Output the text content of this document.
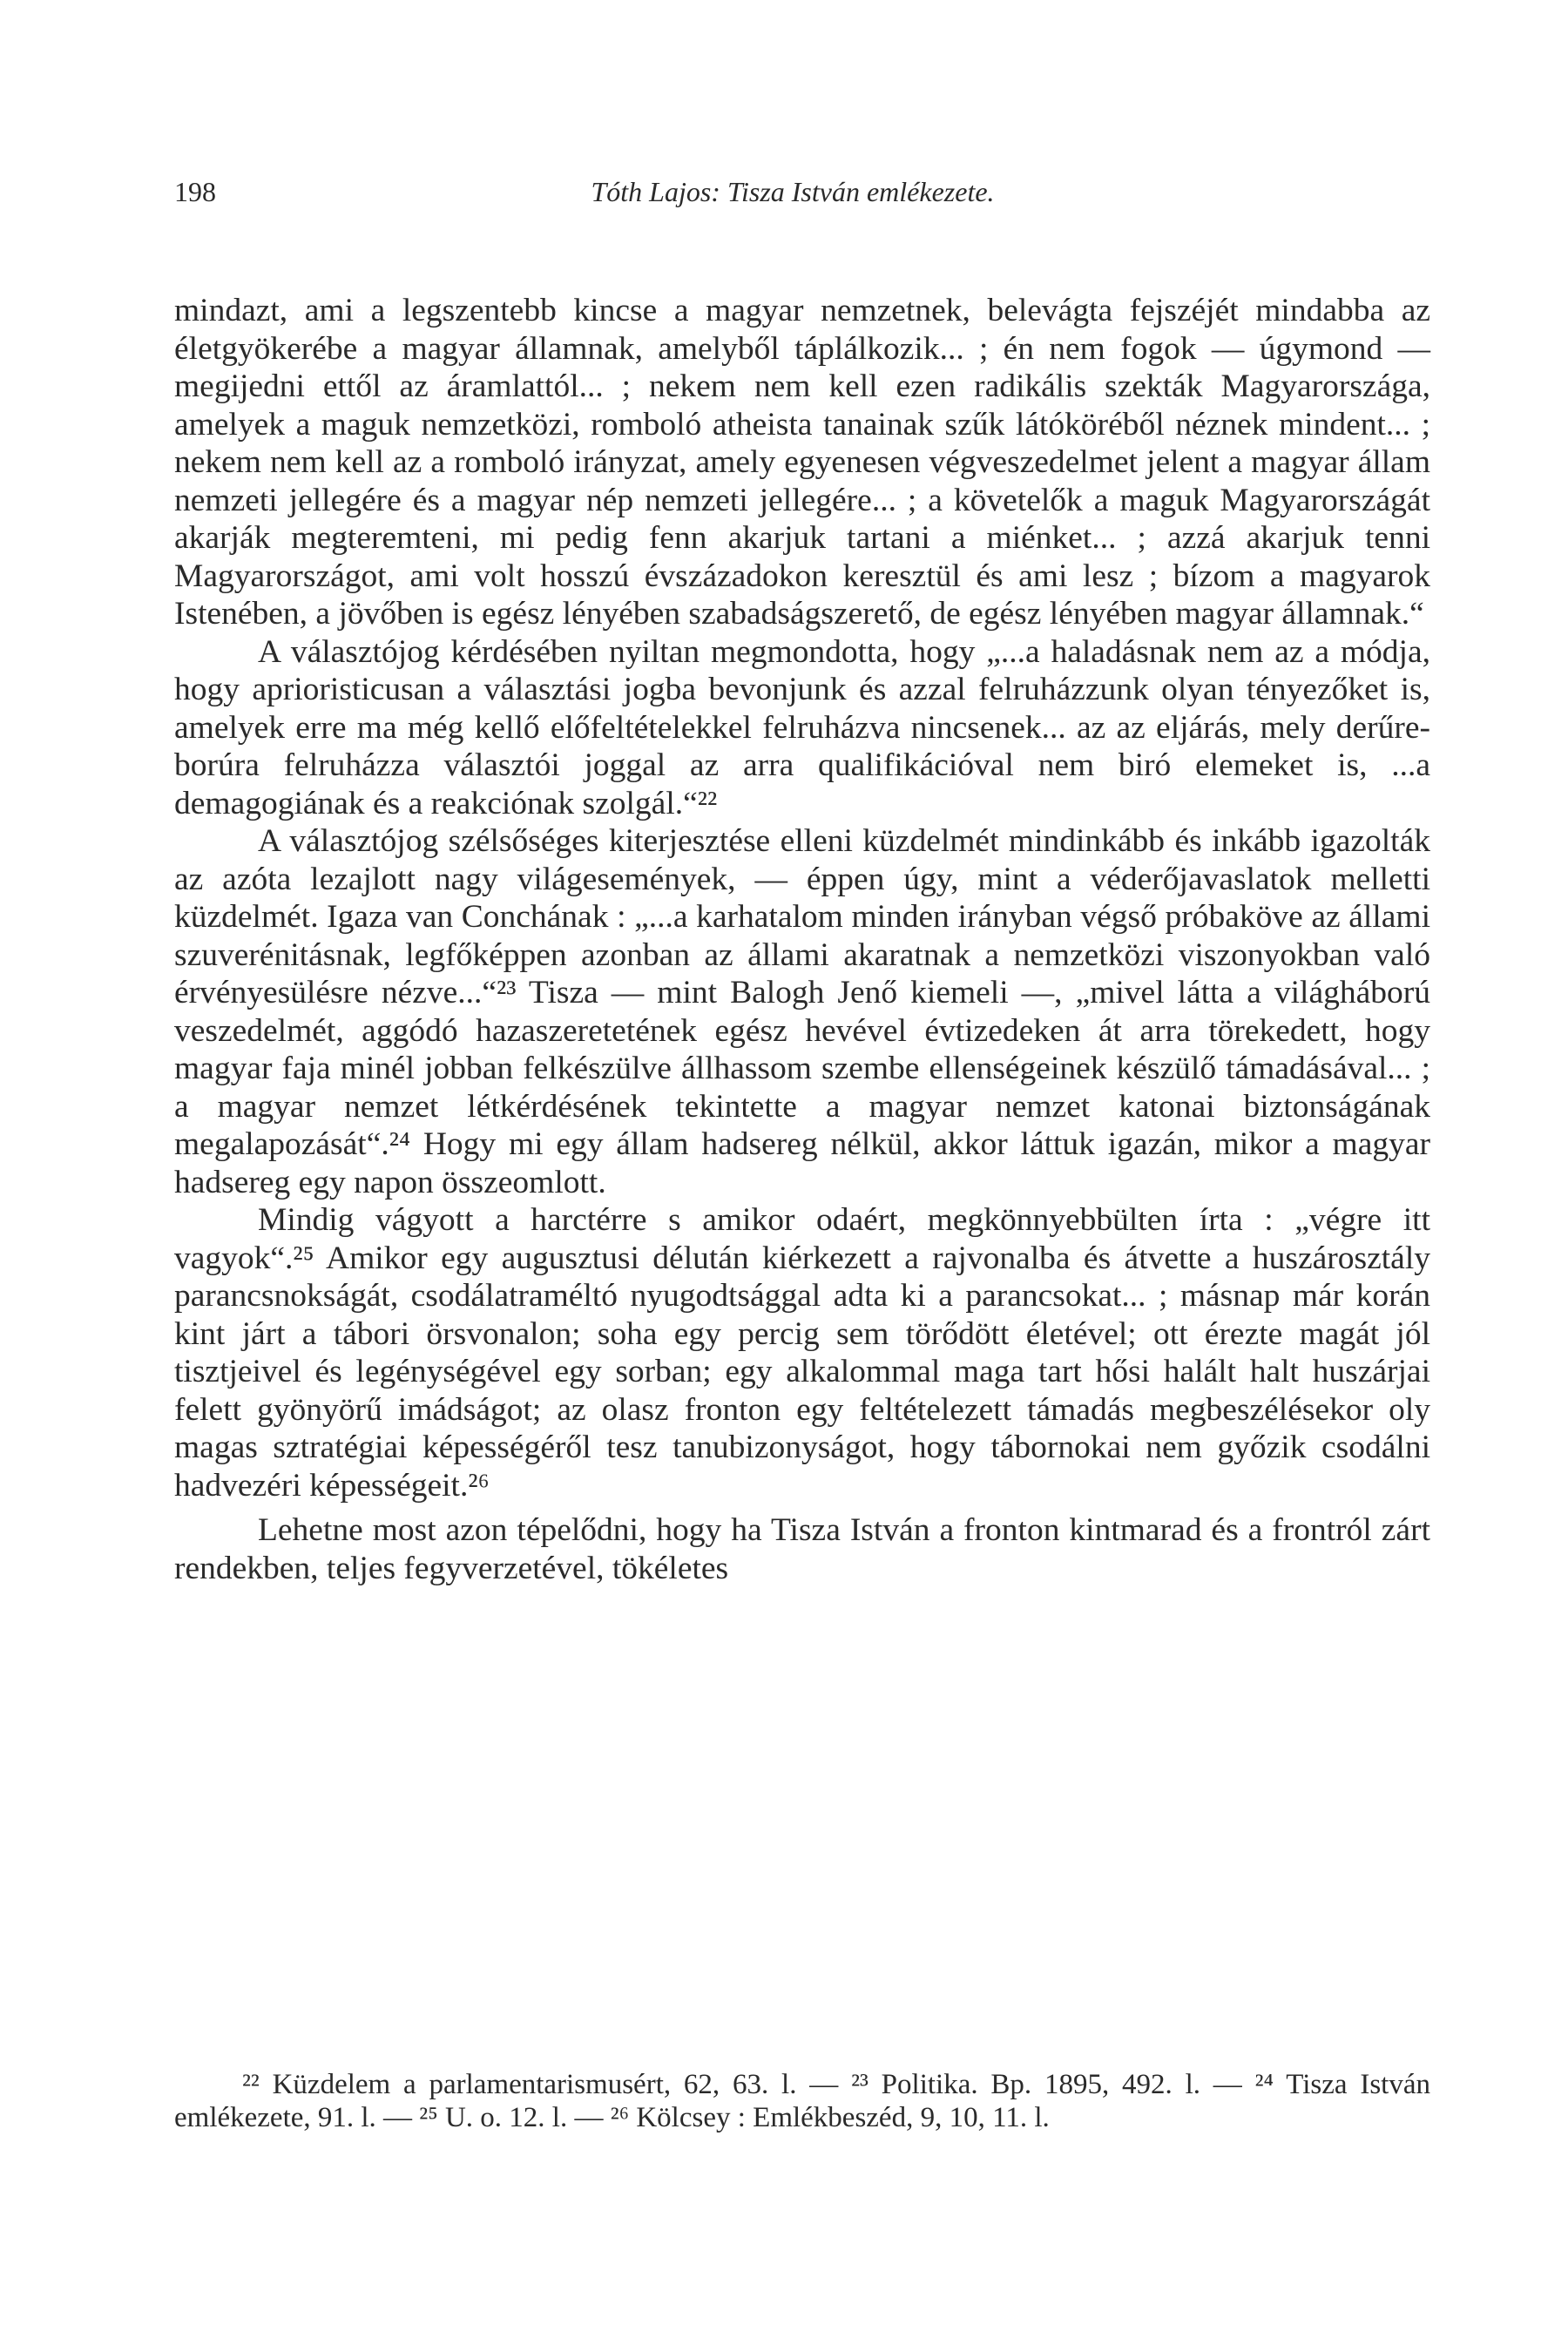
198	Tóth Lajos: Tisza István emlékezete.

mindazt, ami a legszentebb kincse a magyar nemzetnek, belevágta fejszéjét mindabba az életgyökerébe a magyar államnak, amelyből táplálkozik... ; én nem fogok — úgymond — megijedni ettől az áramlattól... ; nekem nem kell ezen radikális szekták Magyarországa, amelyek a maguk nemzetközi, romboló atheista tanainak szűk látóköréből néznek mindent... ; nekem nem kell az a romboló irányzat, amely egyenesen végveszedelmet jelent a magyar állam nemzeti jellegére és a magyar nép nemzeti jellegére... ; a követelők a maguk Magyarországát akarják megteremteni, mi pedig fenn akarjuk tartani a miénket... ; azzá akarjuk tenni Magyarországot, ami volt hosszú évszázadokon keresztül és ami lesz ; bízom a magyarok Istenében, a jövőben is egész lényében szabadságszerető, de egész lényében magyar államnak.“

A választójog kérdésében nyiltan megmondotta, hogy „...a haladásnak nem az a módja, hogy aprioristicusan a választási jogba bevonjunk és azzal felruházzunk olyan tényezőket is, amelyek erre ma még kellő előfeltételekkel felruházva nincsenek... az az eljárás, mely derűre-borúra felruházza választói joggal az arra qualifikációval nem biró elemeket is, ...a demagogiának és a reakciónak szolgál.“²²

A választójog szélsőséges kiterjesztése elleni küzdelmét mindinkább és inkább igazolták az azóta lezajlott nagy világesemények, — éppen úgy, mint a véderőjavaslatok melletti küzdelmét. Igaza van Conchának : „...a karhatalom minden irányban végső próbaköve az állami szuverénitásnak, legfőképpen azonban az állami akaratnak a nemzetközi viszonyokban való érvényesülésre nézve...“²³ Tisza — mint Balogh Jenő kiemeli —, „mivel látta a világháború veszedelmét, aggódó hazaszeretetének egész hevével évtizedeken át arra törekedett, hogy magyar faja minél jobban felkészülve állhassom szembe ellenségeinek készülő támadásával... ; a magyar nemzet létkérdésének tekintette a magyar nemzet katonai biztonságának megalapozását“.²⁴ Hogy mi egy állam hadsereg nélkül, akkor láttuk igazán, mikor a magyar hadsereg egy napon összeomlott.

Mindig vágyott a harctérre s amikor odaért, megkönnyebbülten írta : „végre itt vagyok“.²⁵ Amikor egy augusztusi délután kiérkezett a rajvonalba és átvette a huszárosztály parancsnokságát, csodálatraméltó nyugodtsággal adta ki a parancsokat... ; másnap már korán kint járt a tábori örsvonalon; soha egy percig sem törődött életével; ott érezte magát jól tisztjeivel és legénységével egy sorban; egy alkalommal maga tart hősi halált halt huszárjai felett gyönyörű imádságot; az olasz fronton egy feltételezett támadás megbeszélésekor oly magas sztratégiai képességéről tesz tanubizonyságot, hogy tábornokai nem győzik csodálni hadvezéri képességeit.²⁶

Lehetne most azon tépelődni, hogy ha Tisza István a fronton kintmarad és a frontról zárt rendekben, teljes fegyverzetével, tökéletes

²² Küzdelem a parlamentarismusért, 62, 63. l. — ²³ Politika. Bp. 1895, 492. l. — ²⁴ Tisza István emlékezete, 91. l. — ²⁵ U. o. 12. l. — ²⁶ Kölcsey : Emlékbeszéd, 9, 10, 11. l.
